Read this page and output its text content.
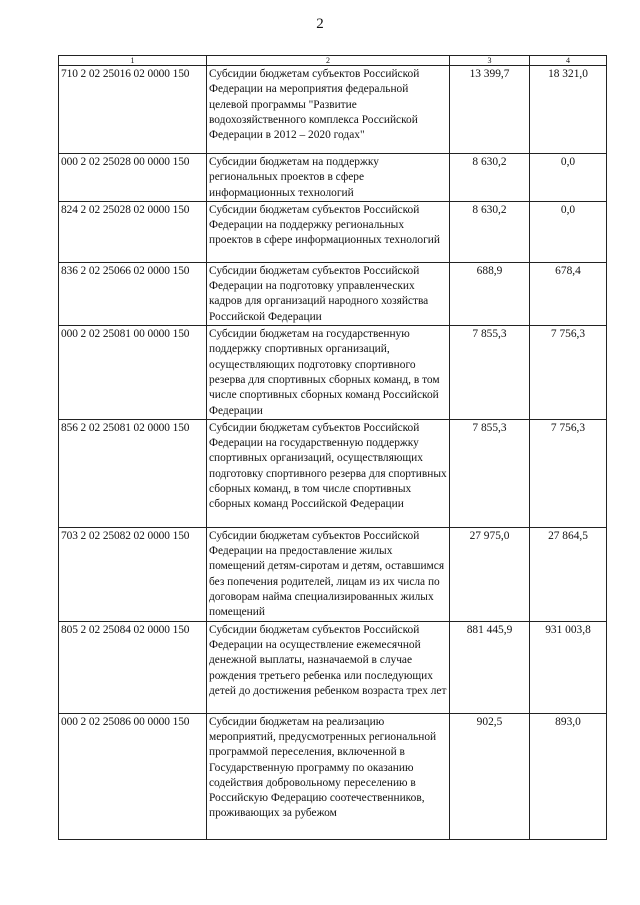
2
1	2	3	4
710 2 02 25016 02 0000 150	Субсидии бюджетам субъектов Российской Федерации на мероприятия федеральной целевой программы "Развитие водохозяйственного комплекса Российской Федерации в 2012 – 2020 годах"	13 399,7	18 321,0
000 2 02 25028 00 0000 150	Субсидии бюджетам на поддержку региональных проектов в сфере информационных технологий	8 630,2	0,0
824 2 02 25028 02 0000 150	Субсидии бюджетам субъектов Российской Федерации на поддержку региональных проектов в сфере информационных технологий	8 630,2	0,0
836 2 02 25066 02 0000 150	Субсидии бюджетам субъектов Российской Федерации на подготовку управленческих кадров для организаций народного хозяйства Российской Федерации	688,9	678,4
000 2 02 25081 00 0000 150	Субсидии бюджетам на государственную поддержку спортивных организаций, осуществляющих подготовку спортивного резерва для спортивных сборных команд, в том числе спортивных сборных команд Российской Федерации	7 855,3	7 756,3
856 2 02 25081 02 0000 150	Субсидии бюджетам субъектов Российской Федерации на государственную поддержку спортивных организаций, осуществляющих подготовку спортивного резерва для спортивных сборных команд, в том числе спортивных сборных команд Российской Федерации	7 855,3	7 756,3
703 2 02 25082 02 0000 150	Субсидии бюджетам субъектов Российской Федерации на предоставление жилых помещений детям-сиротам и детям, оставшимся без попечения родителей, лицам из их числа по договорам найма специализированных жилых помещений	27 975,0	27 864,5
805 2 02 25084 02 0000 150	Субсидии бюджетам субъектов Российской Федерации на осуществление ежемесячной денежной выплаты, назначаемой в случае рождения третьего ребенка или последующих детей до достижения ребенком возраста трех лет	881 445,9	931 003,8
000 2 02 25086 00 0000 150	Субсидии бюджетам на реализацию мероприятий, предусмотренных региональной программой переселения, включенной в Государственную программу по оказанию содействия добровольному переселению в Российскую Федерацию соотечественников, проживающих за рубежом	902,5	893,0
